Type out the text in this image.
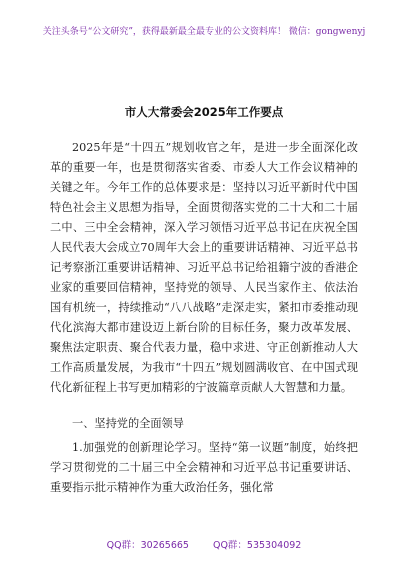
关注头条号“公文研究”，获得最新最全最专业的公文资料库！ 微信：gongwenyj
市人大常委会2025年工作要点

2025年是“十四五”规划收官之年，是进一步全面深化改革的重要一年，也是贯彻落实省委、市委人大工作会议精神的关键之年。今年工作的总体要求是：坚持以习近平新时代中国特色社会主义思想为指导，全面贯彻落实党的二十大和二十届二中、三中全会精神，深入学习领悟习近平总书记在庆祝全国人民代表大会成立70周年大会上的重要讲话精神、习近平总书记考察浙江重要讲话精神、习近平总书记给祖籍宁波的香港企业家的重要回信精神，坚持党的领导、人民当家作主、依法治国有机统一，持续推动“八八战略”走深走实，紧扣市委推动现代化滨海大都市建设迈上新台阶的目标任务，聚力改革发展、聚焦法定职责、聚合代表力量，稳中求进、守正创新推动人大工作高质量发展，为我市“十四五”规划圆满收官、在中国式现代化新征程上书写更加精彩的宁波篇章贡献人大智慧和力量。

一、坚持党的全面领导

1.加强党的创新理论学习。坚持“第一议题”制度，始终把学习贯彻党的二十届三中全会精神和习近平总书记重要讲话、重要指示批示精神作为重大政治任务，强化常

QQ群：30265665	QQ群：535304092
